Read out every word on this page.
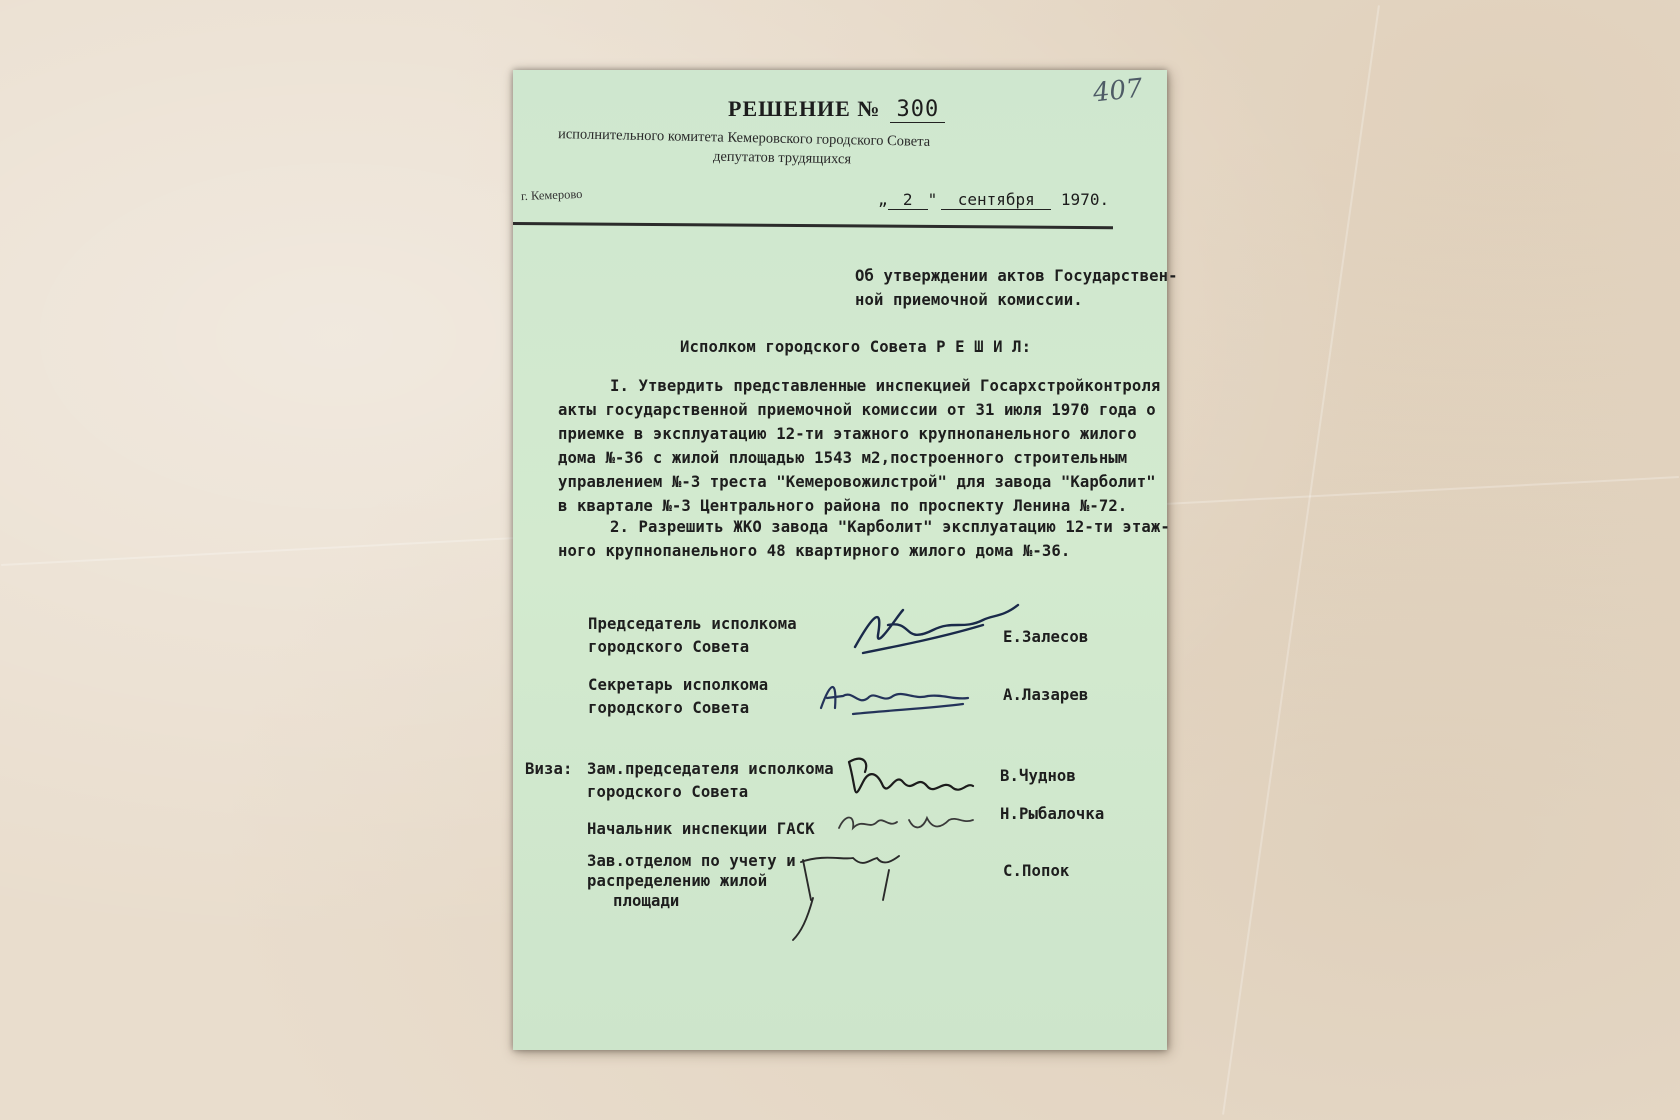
407
РЕШЕНИЕ № 300
исполнительного комитета Кемеровского городского Совета
депутатов трудящихся
г. Кемерово	„ 2 " сентября 1970.
Об утверждении актов Государствен-
ной приемочной комиссии.
Исполком городского Совета Р Е Ш И Л:
I. Утвердить представленные инспекцией Госархстройконтроля
акты государственной приемочной комиссии от 31 июля 1970 года о
приемке в эксплуатацию 12-ти этажного крупнопанельного жилого
дома №-36 с жилой площадью 1543 м2,построенного строительным
управлением №-3 треста "Кемеровожилстрой" для завода "Карболит"
в квартале №-3 Центрального района по проспекту Ленина №-72.
2. Разрешить ЖКО завода "Карболит" эксплуатацию 12-ти этаж-
ного крупнопанельного 48 квартирного жилого дома №-36.
Председатель исполкома
городского Совета
Е.Залесов
Секретарь исполкома
городского Совета
А.Лазарев
Виза: Зам.председателя исполкома
городского Совета
В.Чуднов
Начальник инспекции ГАСК
Н.Рыбалочка
Зав.отделом по учету и
распределению жилой
площади
С.Попок
